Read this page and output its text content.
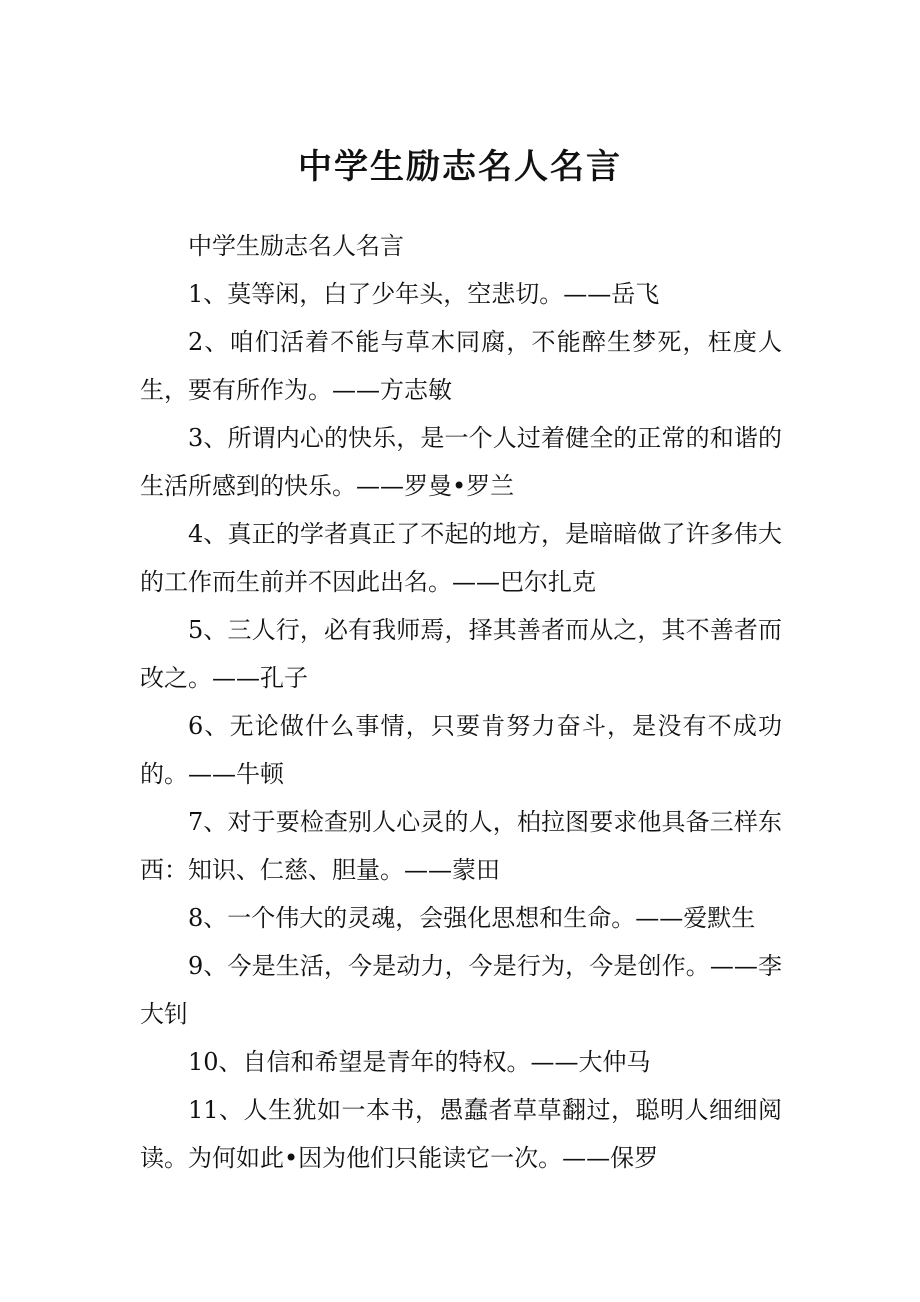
中学生励志名人名言

中学生励志名人名言

1、莫等闲，白了少年头，空悲切。——岳飞

2、咱们活着不能与草木同腐，不能醉生梦死，枉度人生，要有所作为。——方志敏

3、所谓内心的快乐，是一个人过着健全的正常的和谐的生活所感到的快乐。——罗曼•罗兰

4、真正的学者真正了不起的地方，是暗暗做了许多伟大的工作而生前并不因此出名。——巴尔扎克

5、三人行，必有我师焉，择其善者而从之，其不善者而改之。——孔子

6、无论做什么事情，只要肯努力奋斗，是没有不成功的。——牛顿

7、对于要检查别人心灵的人，柏拉图要求他具备三样东西：知识、仁慈、胆量。——蒙田

8、一个伟大的灵魂，会强化思想和生命。——爱默生

9、今是生活，今是动力，今是行为，今是创作。——李大钊

10、自信和希望是青年的特权。——大仲马

11、人生犹如一本书，愚蠢者草草翻过，聪明人细细阅读。为何如此•因为他们只能读它一次。——保罗
